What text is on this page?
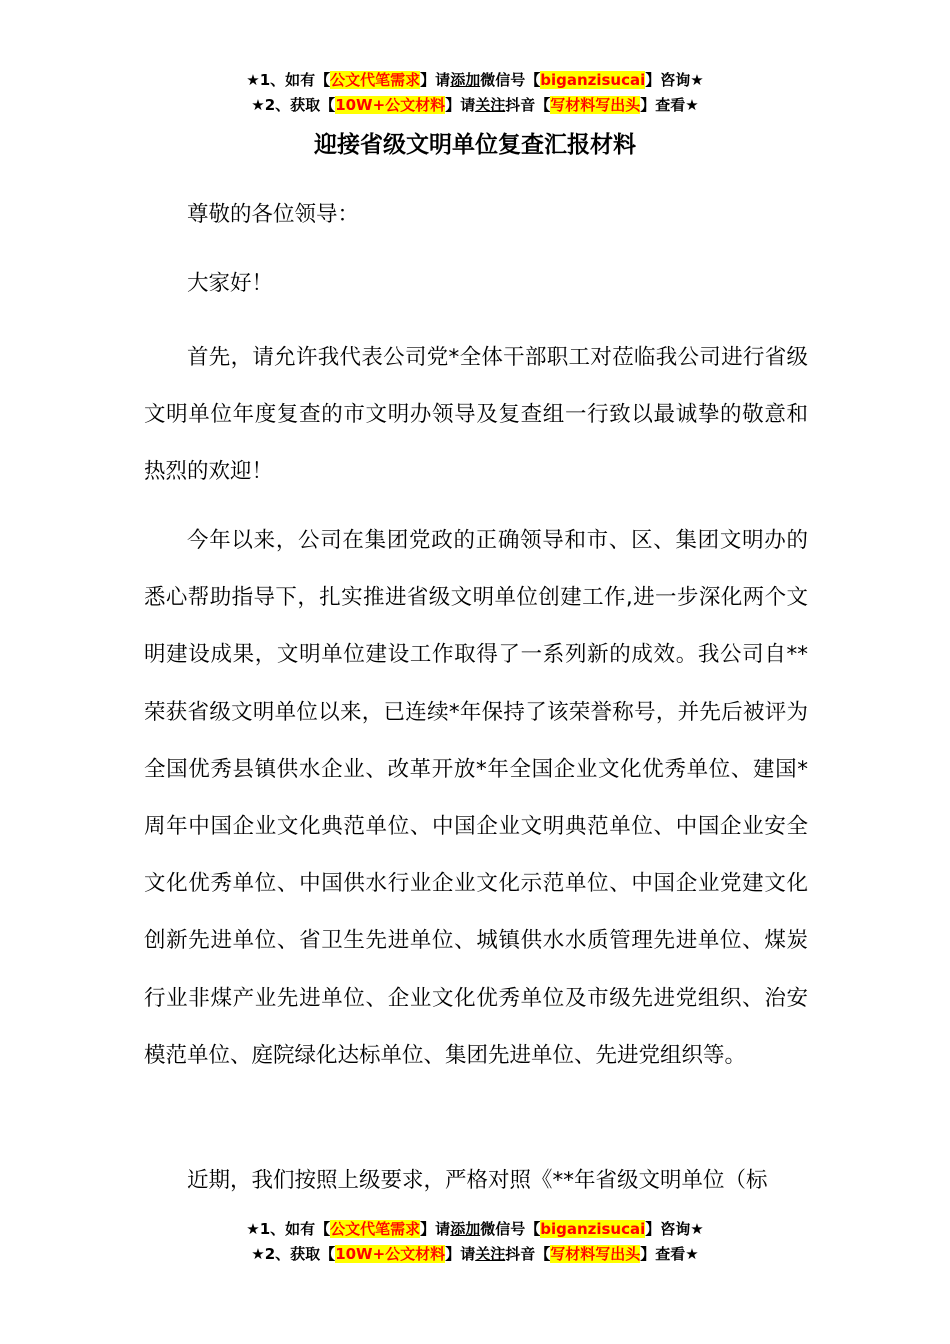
★1、如有【公文代笔需求】请添加微信号【biganzisucai】咨询★
★2、获取【10W+公文材料】请关注抖音【写材料写出头】查看★
迎接省级文明单位复查汇报材料
尊敬的各位领导：
大家好！

首先，请允许我代表公司党*全体干部职工对莅临我公司进行省级文明单位年度复查的市文明办领导及复查组一行致以最诚挚的敬意和热烈的欢迎！

今年以来，公司在集团党政的正确领导和市、区、集团文明办的悉心帮助指导下，扎实推进省级文明单位创建工作,进一步深化两个文明建设成果，文明单位建设工作取得了一系列新的成效。我公司自**荣获省级文明单位以来，已连续*年保持了该荣誉称号，并先后被评为全国优秀县镇供水企业、改革开放*年全国企业文化优秀单位、建国*周年中国企业文化典范单位、中国企业文明典范单位、中国企业安全文化优秀单位、中国供水行业企业文化示范单位、中国企业党建文化创新先进单位、省卫生先进单位、城镇供水水质管理先进单位、煤炭行业非煤产业先进单位、企业文化优秀单位及市级先进党组织、治安模范单位、庭院绿化达标单位、集团先进单位、先进党组织等。

近期，我们按照上级要求，严格对照《**年省级文明单位（标

★1、如有【公文代笔需求】请添加微信号【biganzisucai】咨询★
★2、获取【10W+公文材料】请关注抖音【写材料写出头】查看★
